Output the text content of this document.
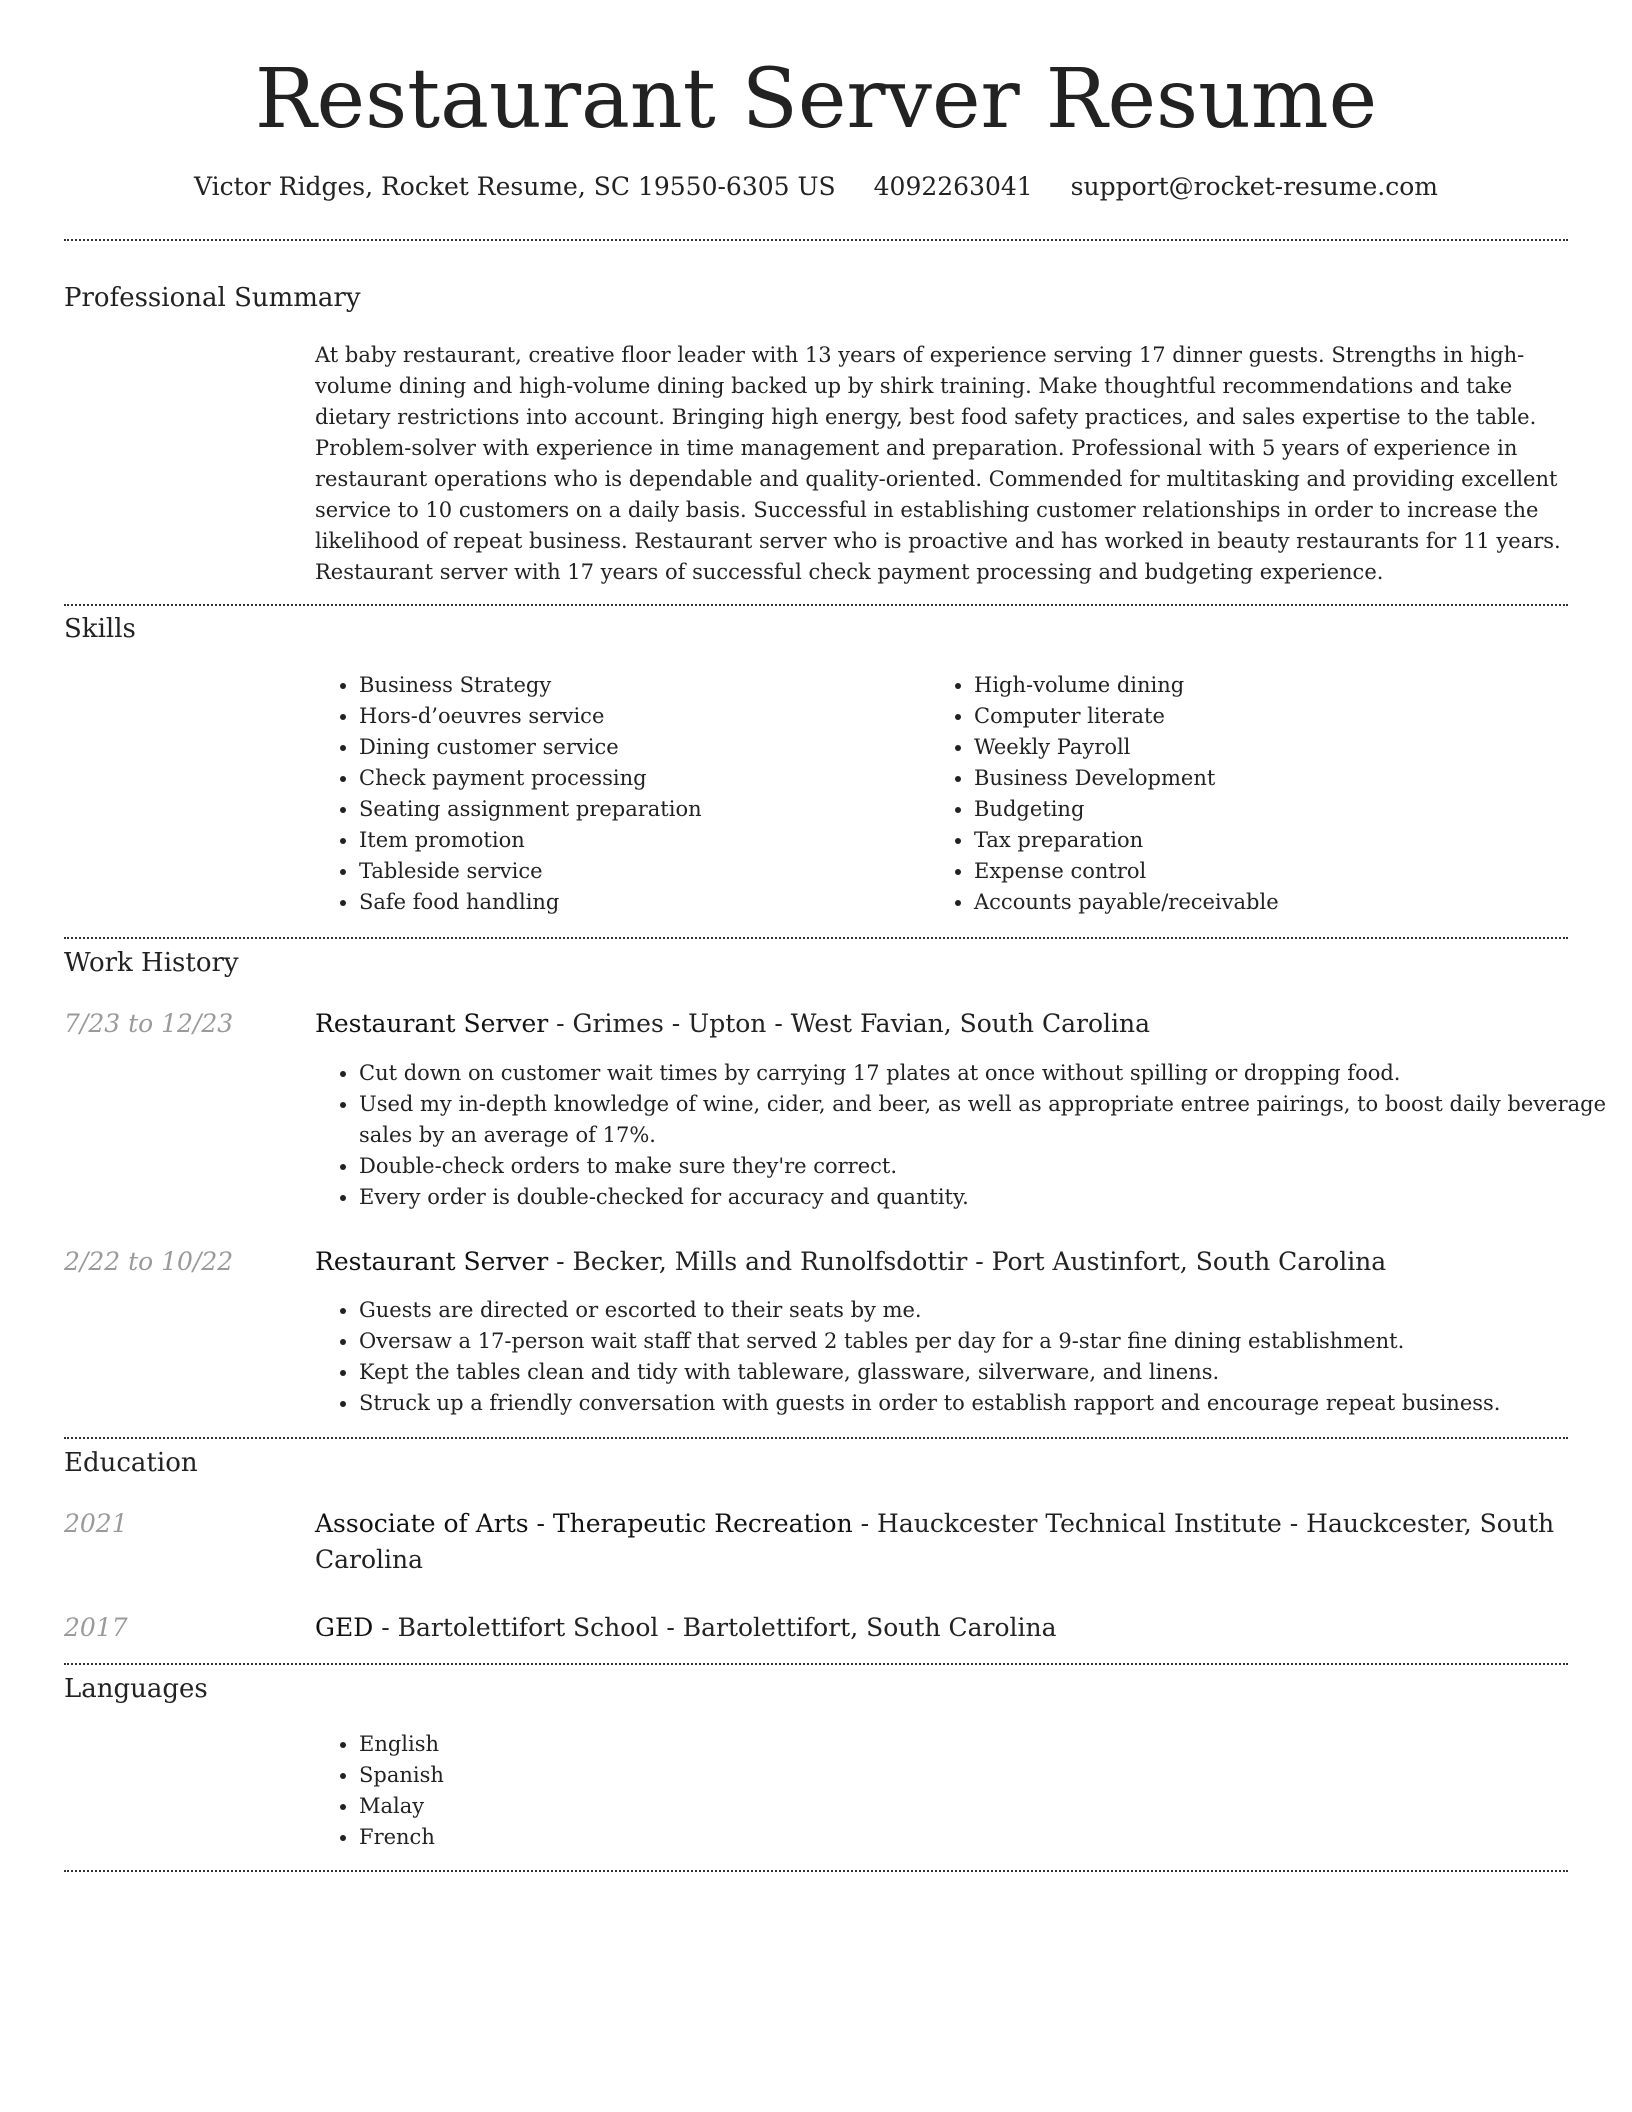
Restaurant Server Resume
Victor Ridges, Rocket Resume, SC 19550-6305 US 4092263041 support@rocket-resume.com
Professional Summary
At baby restaurant, creative floor leader with 13 years of experience serving 17 dinner guests. Strengths in high-volume dining and high-volume dining backed up by shirk training. Make thoughtful recommendations and take dietary restrictions into account. Bringing high energy, best food safety practices, and sales expertise to the table. Problem-solver with experience in time management and preparation. Professional with 5 years of experience in restaurant operations who is dependable and quality-oriented. Commended for multitasking and providing excellent service to 10 customers on a daily basis. Successful in establishing customer relationships in order to increase the likelihood of repeat business. Restaurant server who is proactive and has worked in beauty restaurants for 11 years. Restaurant server with 17 years of successful check payment processing and budgeting experience.
Skills
• Business Strategy
• Hors-d’oeuvres service
• Dining customer service
• Check payment processing
• Seating assignment preparation
• Item promotion
• Tableside service
• Safe food handling
• High-volume dining
• Computer literate
• Weekly Payroll
• Business Development
• Budgeting
• Tax preparation
• Expense control
• Accounts payable/receivable
Work History
7/23 to 12/23	Restaurant Server - Grimes - Upton - West Favian, South Carolina
• Cut down on customer wait times by carrying 17 plates at once without spilling or dropping food.
• Used my in-depth knowledge of wine, cider, and beer, as well as appropriate entree pairings, to boost daily beverage sales by an average of 17%.
• Double-check orders to make sure they're correct.
• Every order is double-checked for accuracy and quantity.
2/22 to 10/22	Restaurant Server - Becker, Mills and Runolfsdottir - Port Austinfort, South Carolina
• Guests are directed or escorted to their seats by me.
• Oversaw a 17-person wait staff that served 2 tables per day for a 9-star fine dining establishment.
• Kept the tables clean and tidy with tableware, glassware, silverware, and linens.
• Struck up a friendly conversation with guests in order to establish rapport and encourage repeat business.
Education
2021	Associate of Arts - Therapeutic Recreation - Hauckcester Technical Institute - Hauckcester, South Carolina
2017	GED - Bartolettifort School - Bartolettifort, South Carolina
Languages
• English
• Spanish
• Malay
• French
